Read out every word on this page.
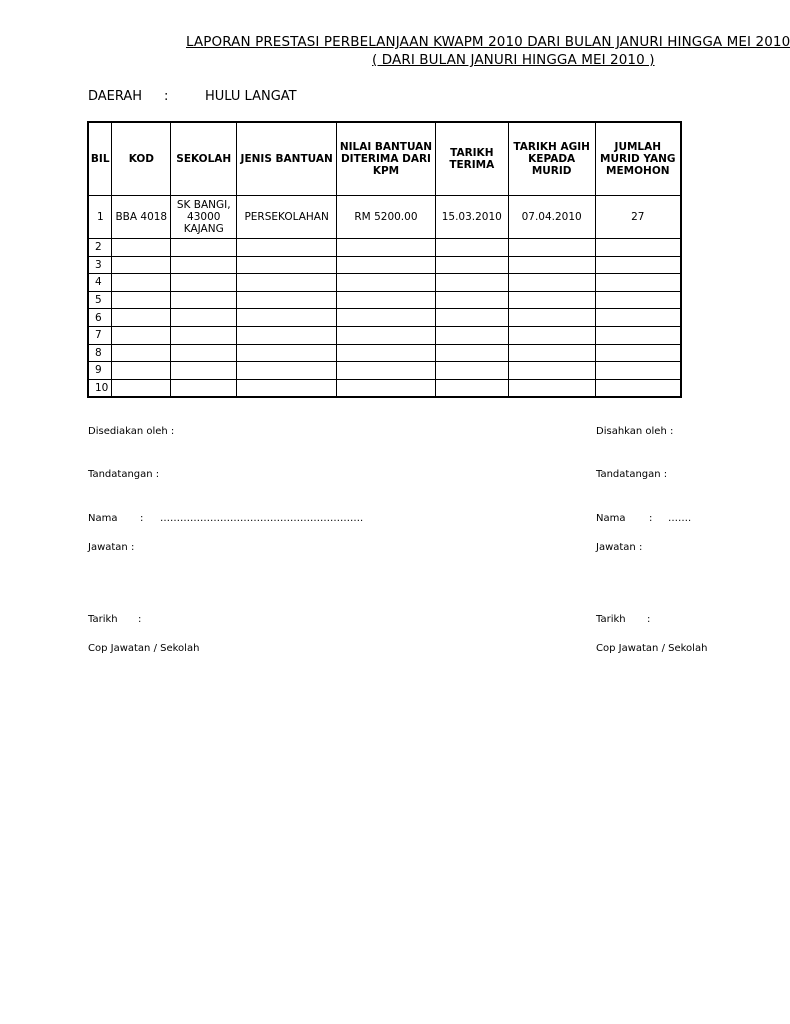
LAPORAN PRESTASI PERBELANJAAN KWAPM 2010 DARI BULAN JANURI HINGGA MEI 2010
( DARI BULAN JANURI HINGGA MEI 2010 )
DAERAH :	HULU LANGAT
BIL	KOD	SEKOLAH	JENIS BANTUAN	NILAI BANTUAN DITERIMA DARI KPM	TARIKH TERIMA	TARIKH AGIH KEPADA MURID	JUMLAH MURID YANG MEMOHON
1	BBA 4018	SK BANGI, 43000 KAJANG	PERSEKOLAHAN	RM 5200.00	15.03.2010	07.04.2010	27
2							
3							
4							
5							
6							
7							
8							
9							
10							
Disediakan oleh :
Tandatangan :
Nama : …………………………………………………….
Jawatan :
Tarikh :
Cop Jawatan / Sekolah
Disahkan oleh :
Tandatangan :
Nama : …….
Jawatan :
Tarikh :
Cop Jawatan / Sekolah
